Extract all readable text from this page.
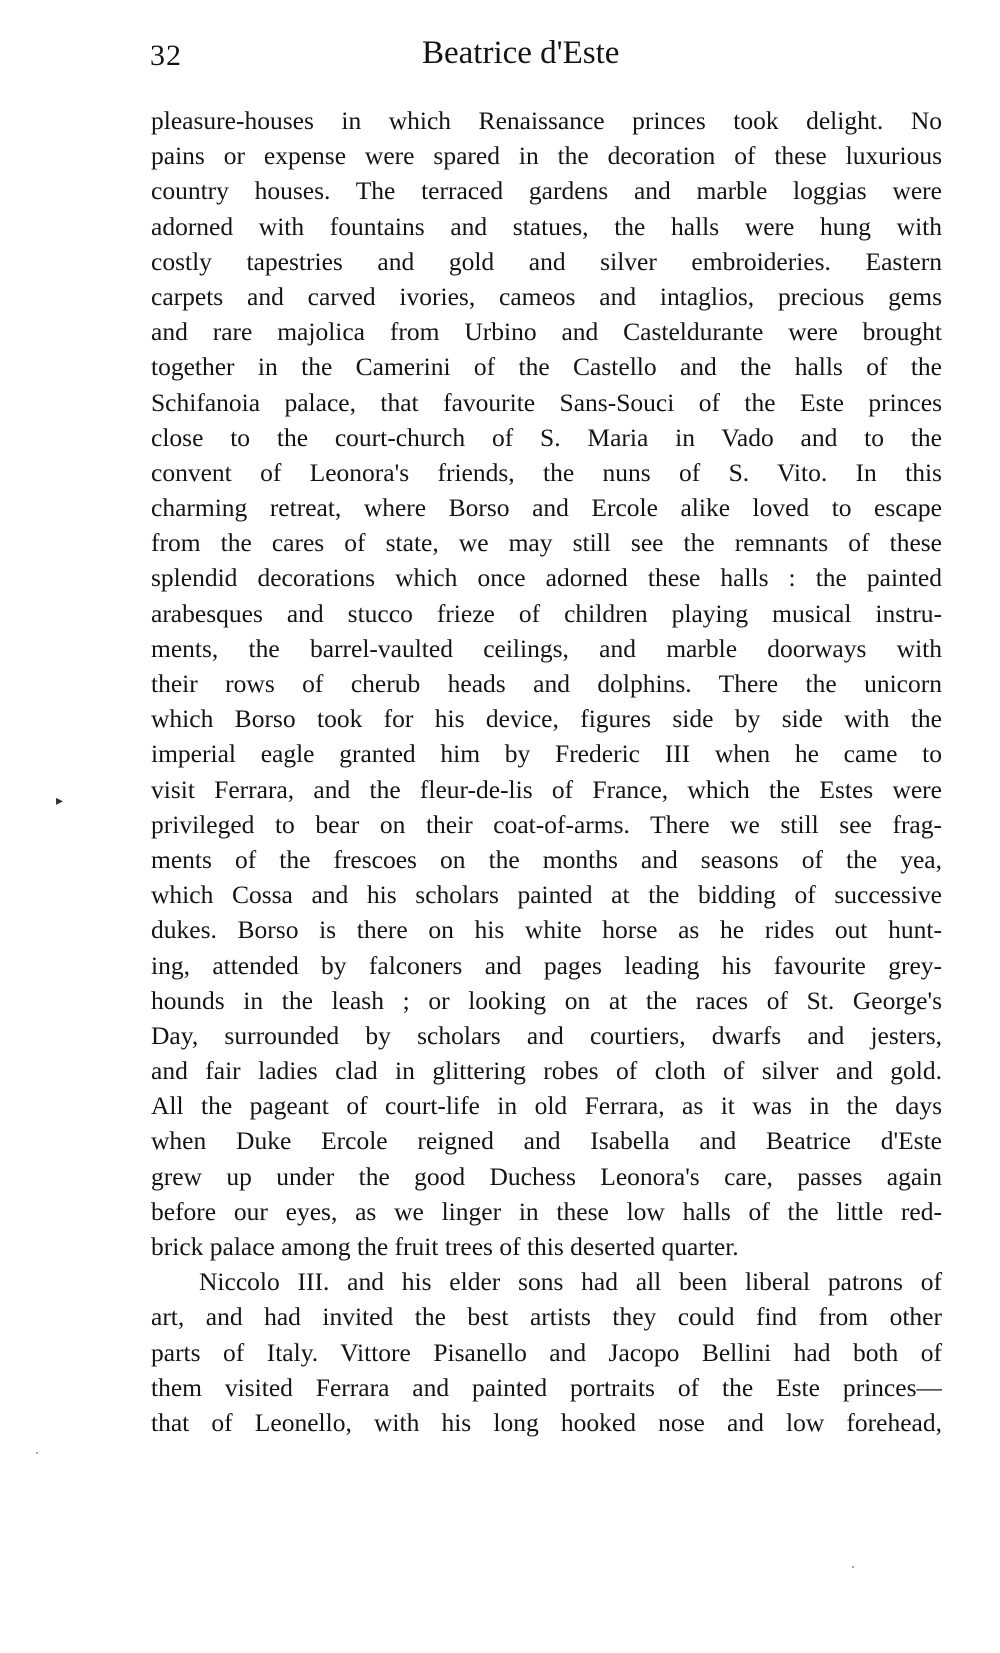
32	Beatrice d'Este
▸
pleasure-houses in which Renaissance princes took delight. No
pains or expense were spared in the decoration of these luxurious
country houses. The terraced gardens and marble loggias were
adorned with fountains and statues, the halls were hung with
costly tapestries and gold and silver embroideries. Eastern
carpets and carved ivories, cameos and intaglios, precious gems
and rare majolica from Urbino and Casteldurante were brought
together in the Camerini of the Castello and the halls of the
Schifanoia palace, that favourite Sans-Souci of the Este princes
close to the court-church of S. Maria in Vado and to the
convent of Leonora's friends, the nuns of S. Vito. In this
charming retreat, where Borso and Ercole alike loved to escape
from the cares of state, we may still see the remnants of these
splendid decorations which once adorned these halls : the painted
arabesques and stucco frieze of children playing musical instru-
ments, the barrel-vaulted ceilings, and marble doorways with
their rows of cherub heads and dolphins. There the unicorn
which Borso took for his device, figures side by side with the
imperial eagle granted him by Frederic III when he came to
visit Ferrara, and the fleur-de-lis of France, which the Estes were
privileged to bear on their coat-of-arms. There we still see frag-
ments of the frescoes on the months and seasons of the yea,
which Cossa and his scholars painted at the bidding of successive
dukes. Borso is there on his white horse as he rides out hunt-
ing, attended by falconers and pages leading his favourite grey-
hounds in the leash ; or looking on at the races of St. George's
Day, surrounded by scholars and courtiers, dwarfs and jesters,
and fair ladies clad in glittering robes of cloth of silver and gold.
All the pageant of court-life in old Ferrara, as it was in the days
when Duke Ercole reigned and Isabella and Beatrice d'Este
grew up under the good Duchess Leonora's care, passes again
before our eyes, as we linger in these low halls of the little red-
brick palace among the fruit trees of this deserted quarter.
Niccolo III. and his elder sons had all been liberal patrons of
art, and had invited the best artists they could find from other
parts of Italy. Vittore Pisanello and Jacopo Bellini had both of
them visited Ferrara and painted portraits of the Este princes—
that of Leonello, with his long hooked nose and low forehead,
